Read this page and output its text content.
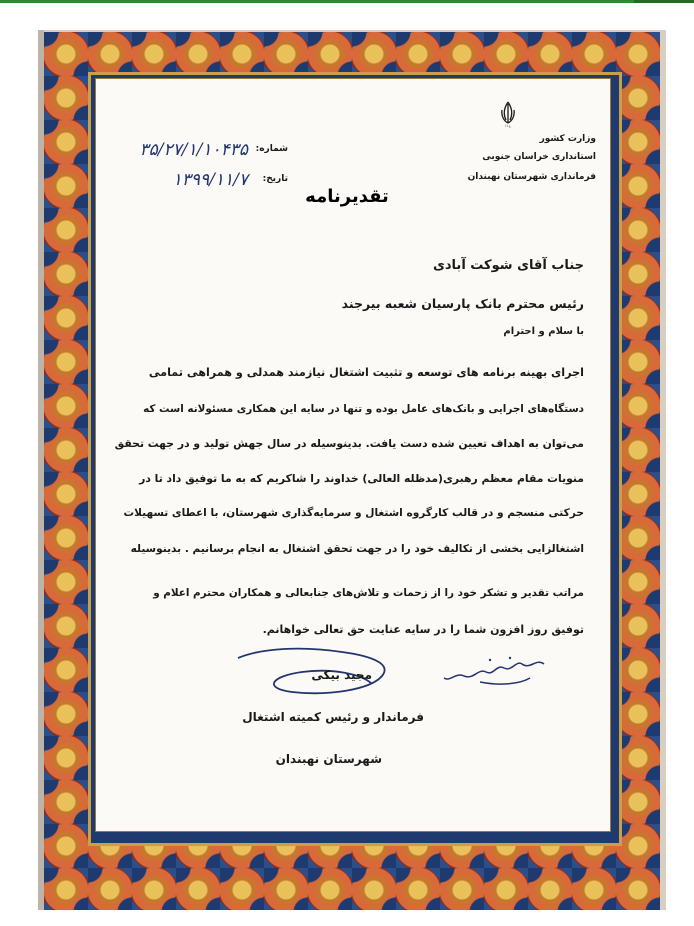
ج.ا.ا
وزارت کشور
استانداری خراسان جنوبی
فرمانداری شهرستان نهبندان
شماره:
۳۵/۲۷/۱/۱۰۴۳۵
تاریخ:
۱۳۹۹/۱۱/۷
تقدیرنامه
جناب آقای شوکت آبادی
رئیس محترم بانک پارسیان شعبه بیرجند
با سلام و احترام
اجرای بهینه برنامه های توسعه و تثبیت اشتغال نیازمند همدلی و همراهی تمامی
دستگاه‌های اجرایی و بانک‌های عامل بوده و تنها در سایه این همکاری مسئولانه است که
می‌توان به اهداف تعیین شده دست یافت. بدینوسیله در سال جهش تولید و در جهت تحقق
منویات مقام معظم رهبری(مدظله العالی) خداوند را شاکریم که به ما توفیق داد تا در
حرکتی منسجم و در قالب کارگروه اشتغال و سرمایه‌گذاری شهرستان، با اعطای تسهیلات
اشتغالزایی بخشی از تکالیف خود را در جهت تحقق اشتغال به انجام برسانیم . بدینوسیله
مراتب تقدیر و تشکر خود را از زحمات و تلاش‌های جنابعالی و همکاران محترم اعلام و
توفیق روز افزون شما را در سایه عنایت حق تعالی خواهانم.
مجید بیکی
فرماندار و رئیس کمیته اشتغال
شهرستان نهبندان
